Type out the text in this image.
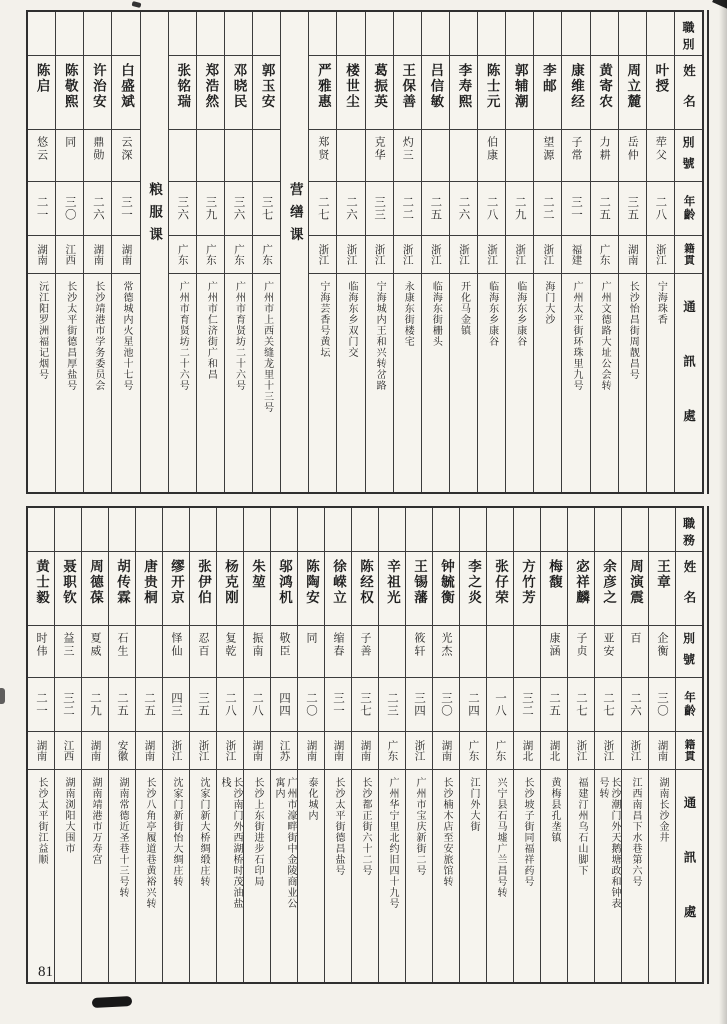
職別
姓名
別號
年齡
籍貫
通訊處
叶授
荦父
二八
浙江
宁海珠香
周立麓
岳仲
三五
湖南
长沙怡昌街周靓昌号
黄寄农
力耕
二五
广东
广州文德路大址公会转
康维经
子常
三一
福建
广州太平街环珠里九号
李邮
望源
二二
浙江
海门大沙
郭辅潮
二九
浙江
临海东乡康谷
陈士元
伯康
二八
浙江
临海东乡康谷
李寿熙
二六
浙江
开化马金镇
吕信敏
二五
浙江
临海东街栅头
王保善
灼三
二二
浙江
永康东街楼宅
葛振英
克华
三三
浙江
宁海城内王和兴转岔路
楼世尘
二六
浙江
临海东乡双门交
严雅惠
郑贤
二七
浙江
宁海芸香号黄坛
营缮课
郭玉安
三七
广东
广州市上西关缝龙里十三号
邓晓民
三六
广东
广州市育贤坊二十六号
郑浩然
三九
广东
广州市仁济街广和昌
张铭瑞
三六
广东
广州市育贤坊二十六号
粮服课
白盛斌
云深
三一
湖南
常德城内火星池十七号
许治安
鼎勋
二六
湖南
长沙靖港市学务委员会
陈敬熙
同
三〇
江西
长沙太平街德昌厚盐号
陈启
悠云
二一
湖南
沅江阳罗洲福记烟号
職務
姓名
別號
年齡
籍貫
通訊處
王章
企衡
三〇
湖南
湖南长沙金井
周演震
百
二六
浙江
江西南昌下水巷第六号
余彦之
亚安
二七
浙江
长沙潮门外天鹅塘政和钟表号转
宓祥麟
子贞
二七
浙江
福建汀州乌石山脚下
梅馥
康涵
二五
湖北
黄梅县孔垄镇
方竹芳
三二
湖北
长沙坡子街同福祥药号
张仔荣
一八
广东
兴宁县石马墟广兰昌号转
李之炎
二四
广东
江门外大街
钟毓衡
光杰
三〇
湖南
长沙楠木店至安旅馆转
王锡藩
筱轩
三四
浙江
广州市宝庆新街二号
辛祖光
二三
广东
广州华宁里北约旧四十九号
陈经权
子善
三七
湖南
长沙都正街六十二号
徐嵘立
缩春
三一
湖南
长沙太平街德昌盐号
陈陶安
同
二〇
湖南
泰化城内
邬鸿机
敬臣
四四
江苏
广州市濠畔街中金陵商业公寓内
朱堃
振南
二八
湖南
长沙上东街进步石印局
杨克刚
复乾
二八
浙江
长沙南门外西湖桥时茂油盐栈
张伊伯
忍百
三五
浙江
沈家门新大桥绸缎庄转
缪开京
怿仙
四三
浙江
沈家门新街怡大绸庄转
唐贵桐
二五
湖南
长沙八角亭履道巷黄裕兴转
胡传霖
石生
二五
安徽
湖南常德近圣巷十三号转
周德葆
夏威
二九
湖南
湖南靖港市万寿宫
聂职钦
益三
三二
江西
湖南浏阳大围市
黄士毅
时伟
二一
湖南
长沙太平街江益顺
81
